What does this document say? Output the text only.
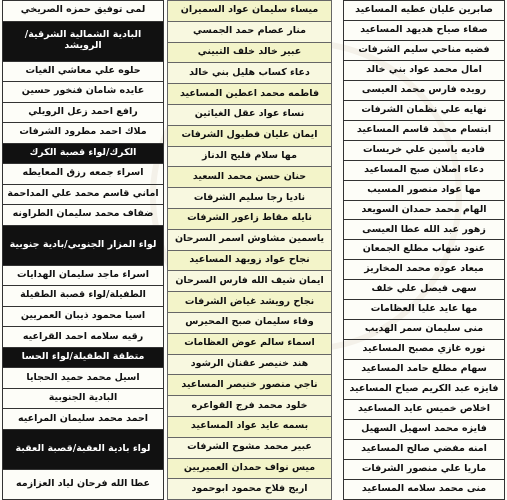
لمى توفيق حمزه الصريخي
البادية الشمالية الشرقية/ الرويشد
حلوه علي معاشي الغيات
عايده شامان فنخور حسين
رافع احمد زعل الرويلي
ملاك احمد مطرود الشرفات
الكرك/لواء قصبة الكرك
اسراء جمعه رزق المعايطه
اماني قاسم محمد علي المداحمة
ضفاف محمد سليمان الطراونه
لواء المزار الجنوبي/بادية جنوبية
اسراء ماجد سليمان الهدايات
الطفيلة/لواء قصبة الطفيلة
اسيا محمود ذيبان العمريين
رقيه سلامه احمد القراعيه
متطقة الطفيلة/لواء الحسا
اسيل محمد حميد الحجايا
البادية الجنوبية
احمد محمد سليمان المراعيه
لواء بادية العقبة/قصبة العقبة
عطا الله فرحان لياد العزازمه
ميساء سليمان عواد السميران
منار عصام حمد الجمسي
عبير خالد خلف التبيني
دعاء كساب هليل بني خالد
فاطمه محمد اعطين المساعيد
نساء عواد عقل الغياثين
ايمان عليان فطيول الشرفات
مها سلام فليح الدناز
حنان حسن محمد السعيد
ناديا رجا سليم الشرفات
نايله مقاط زاعور الشرفات
ياسمين مشاوش اسمر السرحان
نجاح عواد زويهد المساعيد
ايمان شيف الله فارس السرحان
نجاح رويشد غياض الشرفات
وفاء سليمان صبح المحيرس
اسماء سالم عوض العظامات
هند خنيصر عقنان الرشود
ناجي منصور خنيصر المساعيد
خلود محمد فرج القواعره
بسمه عايد عواد المساعيد
عبير محمد مشوح الشرفات
ميس نواف حمدان العميريين
اريج فلاح محمود ابوحمود
صابرين عليان عطيه المساعيد
صفاء صياح هديهد المساعيد
فضيه مناحي سليم الشرفات
امال محمد عواد بني خالد
رويده فارس محمد العيسى
نهايه علي نظمان الشرفات
ابتسام محمد قاسم المساعيد
فاديه ياسين علي خريسات
دعاء اصلان صبح المساعيد
مها عواد منصور المسيب
الهام محمد حمدان السويعد
زهور عبد الله عطا العيسى
عنود شهاب مطلع الجمعان
ميعاد عوده محمد المخاريز
سهى فيصل علي خلف
مها عايد عليا العظامات
منى سليمان سمر الهديب
نوره غازي مصبح المساعيد
سهام مطلع حامد المساعيد
فايزه عبد الكريم صياح المساعيد
اخلاص خميس عايد المساعيد
فايزه محمد اسهيل السهيل
امنه مفضي صالح المساعيد
ماريا علي منصور الشرفات
منى محمد سلامه المساعيد
